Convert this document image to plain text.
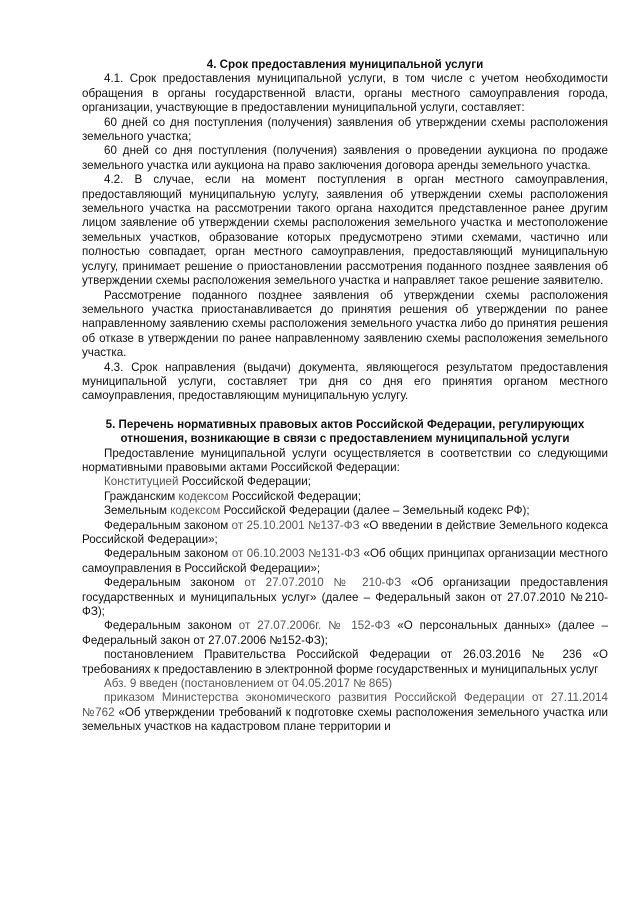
4. Срок предоставления муниципальной услуги

4.1. Срок предоставления муниципальной услуги, в том числе с учетом необходимости обращения в органы государственной власти, органы местного самоуправления города, организации, участвующие в предоставлении муниципальной услуги, составляет:

60 дней со дня поступления (получения) заявления об утверждении схемы расположения земельного участка;

60 дней со дня поступления (получения) заявления о проведении аукциона по продаже земельного участка или аукциона на право заключения договора аренды земельного участка.

4.2. В случае, если на момент поступления в орган местного самоуправления, предоставляющий муниципальную услугу, заявления об утверждении схемы расположения земельного участка на рассмотрении такого органа находится представленное ранее другим лицом заявление об утверждении схемы расположения земельного участка и местоположение земельных участков, образование которых предусмотрено этими схемами, частично или полностью совпадает, орган местного самоуправления, предоставляющий муниципальную услугу, принимает решение о приостановлении рассмотрения поданного позднее заявления об утверждении схемы расположения земельного участка и направляет такое решение заявителю.

Рассмотрение поданного позднее заявления об утверждении схемы расположения земельного участка приостанавливается до принятия решения об утверждении по ранее направленному заявлению схемы расположения земельного участка либо до принятия решения об отказе в утверждении по ранее направленному заявлению схемы расположения земельного участка.

4.3. Срок направления (выдачи) документа, являющегося результатом предоставления муниципальной услуги, составляет три дня со дня его принятия органом местного самоуправления, предоставляющим муниципальную услугу.

5. Перечень нормативных правовых актов Российской Федерации, регулирующих отношения, возникающие в связи с предоставлением муниципальной услуги

Предоставление муниципальной услуги осуществляется в соответствии со следующими нормативными правовыми актами Российской Федерации:

Конституцией Российской Федерации;

Гражданским кодексом Российской Федерации;

Земельным кодексом Российской Федерации (далее – Земельный кодекс РФ);

Федеральным законом от 25.10.2001 №137-ФЗ «О введении в действие Земельного кодекса Российской Федерации»;

Федеральным законом от 06.10.2003 №131-ФЗ «Об общих принципах организации местного самоуправления в Российской Федерации»;

Федеральным законом от 27.07.2010 № 210-ФЗ «Об организации предоставления государственных и муниципальных услуг» (далее – Федеральный закон от 27.07.2010 №210-ФЗ);

Федеральным законом от 27.07.2006г. № 152-ФЗ «О персональных данных» (далее – Федеральный закон от 27.07.2006 №152-ФЗ);

постановлением Правительства Российской Федерации от 26.03.2016 № 236 «О требованиях к предоставлению в электронной форме государственных и муниципальных услуг

Абз. 9 введен (постановлением от 04.05.2017 № 865)

приказом Министерства экономического развития Российской Федерации от 27.11.2014 №762 «Об утверждении требований к подготовке схемы расположения земельного участка или земельных участков на кадастровом плане территории и
